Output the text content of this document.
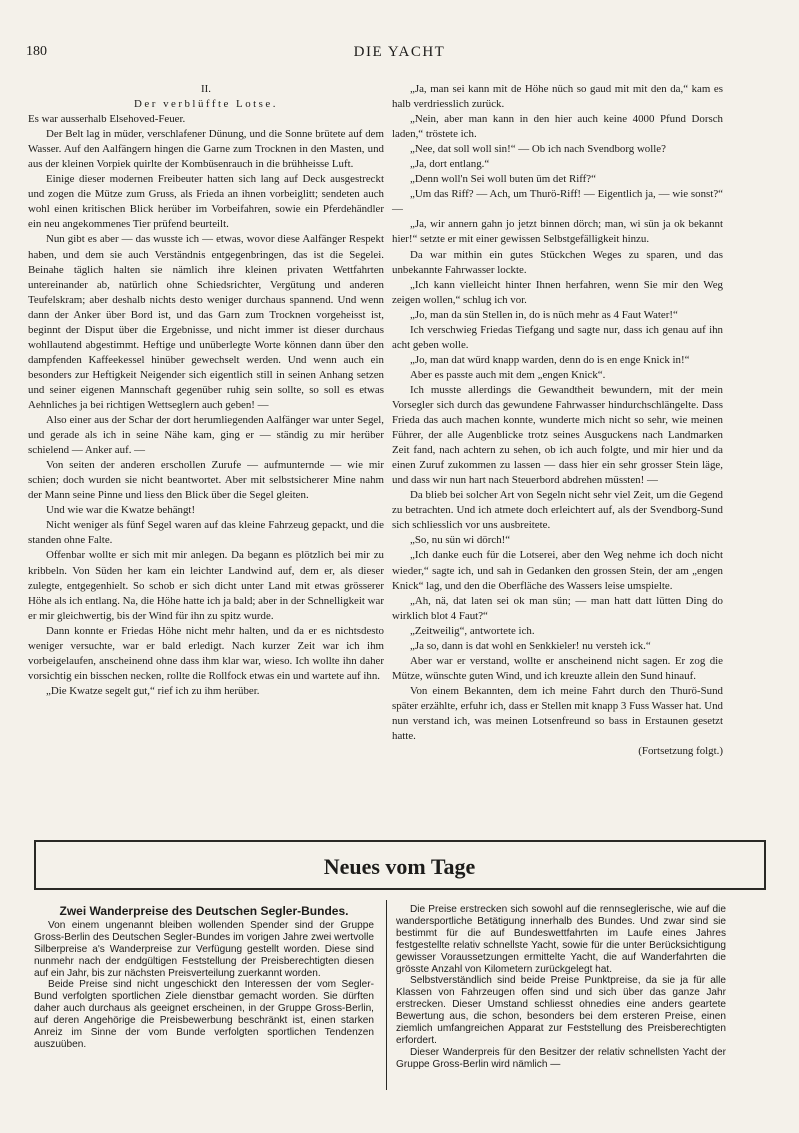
180	DIE YACHT

II.

Der verblüffte Lotse.

Es war ausserhalb Elsehoved-Feuer.

Der Belt lag in müder, verschlafener Dünung, und die Sonne brütete auf dem Wasser. Auf den Aalfängern hingen die Garne zum Trocknen in den Masten, und aus der kleinen Vorpiek quirlte der Kombüsenrauch in die brühheisse Luft.

Einige dieser modernen Freibeuter hatten sich lang auf Deck ausgestreckt und zogen die Mütze zum Gruss, als Frieda an ihnen vorbeiglitt; sendeten auch wohl einen kritischen Blick herüber im Vorbeifahren, sowie ein Pferdehändler ein neu angekommenes Tier prüfend beurteilt.

Nun gibt es aber — das wusste ich — etwas, wovor diese Aalfänger Respekt haben, und dem sie auch Verständnis entgegenbringen, das ist die Segelei. Beinahe täglich halten sie nämlich ihre kleinen privaten Wettfahrten untereinander ab, natürlich ohne Schiedsrichter, Vergütung und anderen Teufelskram; aber deshalb nichts desto weniger durchaus spannend. Und wenn dann der Anker über Bord ist, und das Garn zum Trocknen vorgeheisst ist, beginnt der Disput über die Ergebnisse, und nicht immer ist dieser durchaus wohllautend abgestimmt. Heftige und unüberlegte Worte können dann über den dampfenden Kaffeekessel hinüber gewechselt werden. Und wenn auch ein besonders zur Heftigkeit Neigender sich eigentlich still in seinen Anhang setzen und seiner eigenen Mannschaft gegenüber ruhig sein sollte, so soll es etwas Aehnliches ja bei richtigen Wettseglern auch geben! —

Also einer aus der Schar der dort herumliegenden Aalfänger war unter Segel, und gerade als ich in seine Nähe kam, ging er — ständig zu mir herüber schielend — Anker auf. —

Von seiten der anderen erschollen Zurufe — aufmunternde — wie mir schien; doch wurden sie nicht beantwortet. Aber mit selbstsicherer Mine nahm der Mann seine Pinne und liess den Blick über die Segel gleiten.

Und wie war die Kwatze behängt!

Nicht weniger als fünf Segel waren auf das kleine Fahrzeug gepackt, und die standen ohne Falte.

Offenbar wollte er sich mit mir anlegen. Da begann es plötzlich bei mir zu kribbeln. Von Süden her kam ein leichter Landwind auf, dem er, als dieser zulegte, entgegenhielt. So schob er sich dicht unter Land mit etwas grösserer Höhe als ich entlang. Na, die Höhe hatte ich ja bald; aber in der Schnelligkeit war er mir gleichwertig, bis der Wind für ihn zu spitz wurde.

Dann konnte er Friedas Höhe nicht mehr halten, und da er es nichtsdesto weniger versuchte, war er bald erledigt. Nach kurzer Zeit war ich ihm vorbeigelaufen, anscheinend ohne dass ihm klar war, wieso. Ich wollte ihn daher vorsichtig ein bisschen necken, rollte die Rollfock etwas ein und wartete auf ihn.

„Die Kwatze segelt gut,“ rief ich zu ihm herüber.

„Ja, man sei kann mit de Höhe nüch so gaud mit mit den da,“ kam es halb verdriesslich zurück.

„Nein, aber man kann in den hier auch keine 4000 Pfund Dorsch laden,“ tröstete ich.

„Nee, dat soll woll sin!“ — Ob ich nach Svendborg wolle?

„Ja, dort entlang.“

„Denn woll'n Sei woll buten üm det Riff?“

„Um das Riff? — Ach, um Thurö-Riff! — Eigentlich ja, — wie sonst?“ —

„Ja, wir annern gahn jo jetzt binnen dörch; man, wi sün ja ok bekannt hier!“ setzte er mit einer gewissen Selbstgefälligkeit hinzu.

Da war mithin ein gutes Stückchen Weges zu sparen, und das unbekannte Fahrwasser lockte.

„Ich kann vielleicht hinter Ihnen herfahren, wenn Sie mir den Weg zeigen wollen,“ schlug ich vor.

„Jo, man da sün Stellen in, do is nüch mehr as 4 Faut Water!“

Ich verschwieg Friedas Tiefgang und sagte nur, dass ich genau auf ihn acht geben wolle.

„Jo, man dat würd knapp warden, denn do is en enge Knick in!“

Aber es passte auch mit dem „engen Knick“.

Ich musste allerdings die Gewandtheit bewundern, mit der mein Vorsegler sich durch das gewundene Fahrwasser hindurchschlängelte. Dass Frieda das auch machen konnte, wunderte mich nicht so sehr, wie meinen Führer, der alle Augenblicke trotz seines Ausguckens nach Landmarken Zeit fand, nach achtern zu sehen, ob ich auch folgte, und mir hier und da einen Zuruf zukommen zu lassen — dass hier ein sehr grosser Stein läge, und dass wir nun hart nach Steuerbord abdrehen müssten! —

Da blieb bei solcher Art von Segeln nicht sehr viel Zeit, um die Gegend zu betrachten. Und ich atmete doch erleichtert auf, als der Svendborg-Sund sich schliesslich vor uns ausbreitete.

„So, nu sün wi dörch!“

„Ich danke euch für die Lotserei, aber den Weg nehme ich doch nicht wieder,“ sagte ich, und sah in Gedanken den grossen Stein, der am „engen Knick“ lag, und den die Oberfläche des Wassers leise umspielte.

„Ah, nä, dat laten sei ok man sün; — man hatt datt lütten Ding do wirklich blot 4 Faut?“

„Zeitweilig“, antwortete ich.

„Ja so, dann is dat wohl en Senkkieler! nu versteh ick.“

Aber war er verstand, wollte er anscheinend nicht sagen. Er zog die Mütze, wünschte guten Wind, und ich kreuzte allein den Sund hinauf.

Von einem Bekannten, dem ich meine Fahrt durch den Thurö-Sund später erzählte, erfuhr ich, dass er Stellen mit knapp 3 Fuss Wasser hat. Und nun verstand ich, was meinen Lotsenfreund so bass in Erstaunen gesetzt hatte.

(Fortsetzung folgt.)

Neues vom Tage
Zwei Wanderpreise des Deutschen Segler-Bundes.

Von einem ungenannt bleiben wollenden Spender sind der Gruppe Gross-Berlin des Deutschen Segler-Bundes im vorigen Jahre zwei wertvolle Silberpreise a's Wanderpreise zur Verfügung gestellt worden. Diese sind nunmehr nach der endgültigen Feststellung der Preisberechtigten diesen auf ein Jahr, bis zur nächsten Preisverteilung zuerkannt worden.

Beide Preise sind nicht ungeschickt den Interessen der vom Segler-Bund verfolgten sportlichen Ziele dienstbar gemacht worden. Sie dürften daher auch durchaus als geeignet erscheinen, in der Gruppe Gross-Berlin, auf deren Angehörige die Preisbewerbung beschränkt ist, einen starken Anreiz im Sinne der vom Bunde verfolgten sportlichen Tendenzen auszuüben.

Die Preise erstrecken sich sowohl auf die rennseglerische, wie auf die wandersportliche Betätigung innerhalb des Bundes. Und zwar sind sie bestimmt für die auf Bundeswettfahrten im Laufe eines Jahres festgestellte relativ schnellste Yacht, sowie für die unter Berücksichtigung gewisser Voraussetzungen ermittelte Yacht, die auf Wanderfahrten die grösste Anzahl von Kilometern zurückgelegt hat.

Selbstverständlich sind beide Preise Punktpreise, da sie ja für alle Klassen von Fahrzeugen offen sind und sich über das ganze Jahr erstrecken. Dieser Umstand schliesst ohnedies eine anders geartete Bewertung aus, die schon, besonders bei dem ersteren Preise, einen ziemlich umfangreichen Apparat zur Feststellung des Preisberechtigten erfordert.

Dieser Wanderpreis für den Besitzer der relativ schnellsten Yacht der Gruppe Gross-Berlin wird nämlich —
